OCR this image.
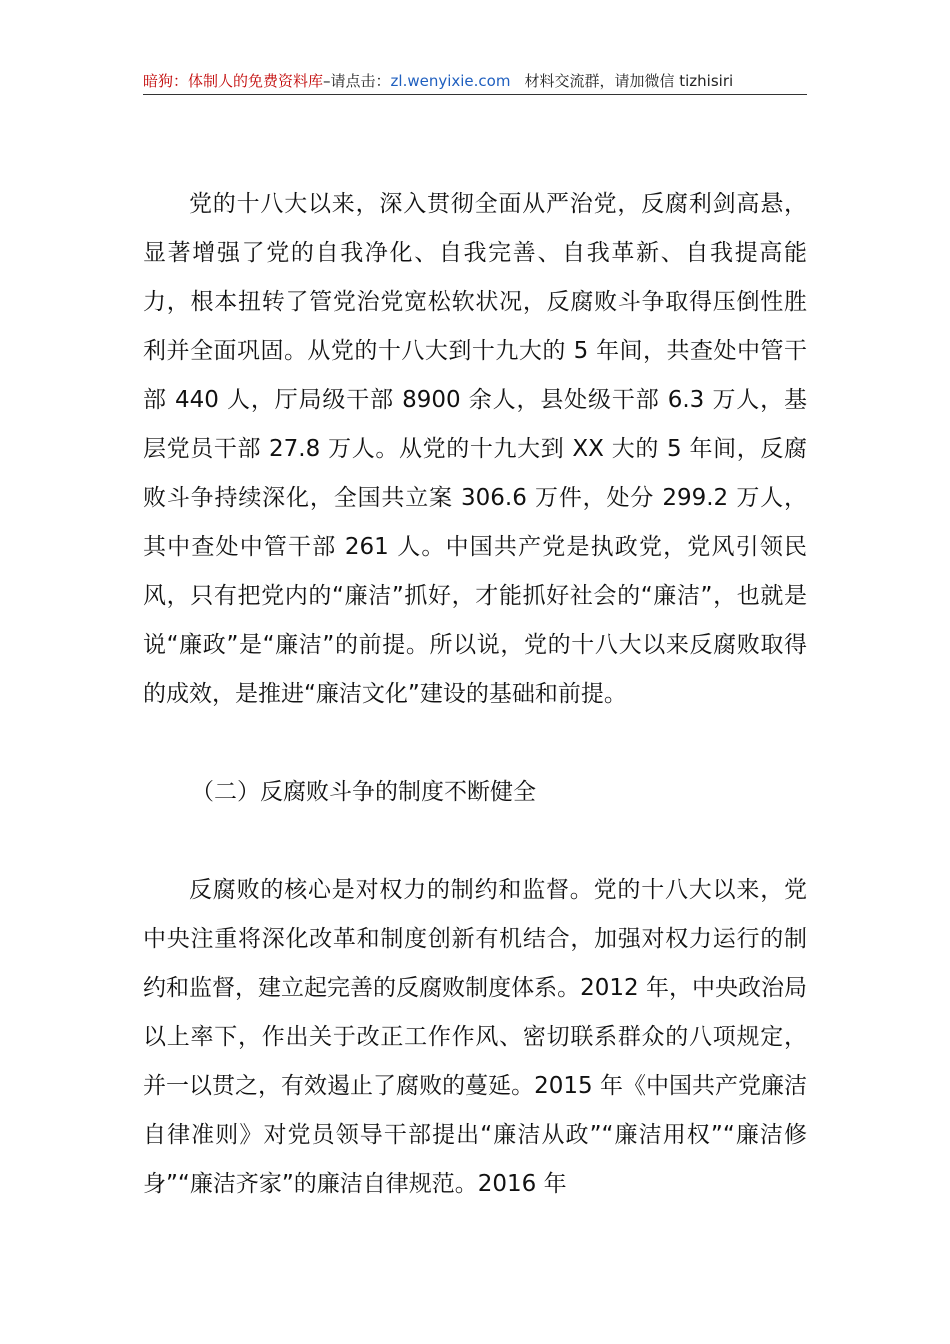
暗狗：体制人的免费资料库–请点击：zl.wenyixie.com 材料交流群，请加微信 tizhisiri

党的十八大以来，深入贯彻全面从严治党，反腐利剑高悬，显著增强了党的自我净化、自我完善、自我革新、自我提高能力，根本扭转了管党治党宽松软状况，反腐败斗争取得压倒性胜利并全面巩固。从党的十八大到十九大的 5 年间，共查处中管干部 440 人，厅局级干部 8900 余人，县处级干部 6.3 万人，基层党员干部 27.8 万人。从党的十九大到 XX 大的 5 年间，反腐败斗争持续深化，全国共立案 306.6 万件，处分 299.2 万人，其中查处中管干部 261 人。中国共产党是执政党，党风引领民风，只有把党内的“廉洁”抓好，才能抓好社会的“廉洁”，也就是说“廉政”是“廉洁”的前提。所以说，党的十八大以来反腐败取得的成效，是推进“廉洁文化”建设的基础和前提。

（二）反腐败斗争的制度不断健全

反腐败的核心是对权力的制约和监督。党的十八大以来，党中央注重将深化改革和制度创新有机结合，加强对权力运行的制约和监督，建立起完善的反腐败制度体系。2012 年，中央政治局以上率下，作出关于改正工作作风、密切联系群众的八项规定，并一以贯之，有效遏止了腐败的蔓延。2015 年《中国共产党廉洁自律准则》对党员领导干部提出“廉洁从政”“廉洁用权”“廉洁修身”“廉洁齐家”的廉洁自律规范。2016 年
